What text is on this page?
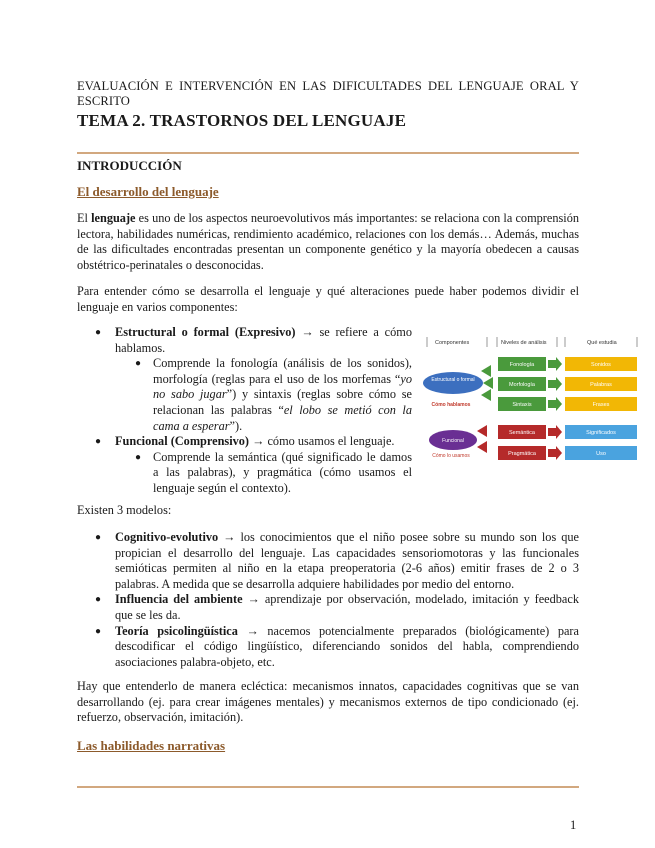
EVALUACIÓN E INTERVENCIÓN EN LAS DIFICULTADES DEL LENGUAJE ORAL Y ESCRITO
TEMA 2. TRASTORNOS DEL LENGUAJE
INTRODUCCIÓN
El desarrollo del lenguaje

El lenguaje es uno de los aspectos neuroevolutivos más importantes: se relaciona con la comprensión lectora, habilidades numéricas, rendimiento académico, relaciones con los demás… Además, muchas de las dificultades encontradas presentan un componente genético y la mayoría obedecen a causas obstétrico-perinatales o desconocidas.

Para entender cómo se desarrolla el lenguaje y qué alteraciones puede haber podemos dividir el lenguaje en varios componentes:

● Estructural o formal (Expresivo) → se refiere a cómo hablamos.
● Comprende la fonología (análisis de los sonidos), morfología (reglas para el uso de los morfemas “yo no sabo jugar”) y sintaxis (reglas sobre cómo se relacionan las palabras “el lobo se metió con la cama a esperar”).
● Funcional (Comprensivo) → cómo usamos el lenguaje.
● Comprende la semántica (qué significado le damos a las palabras), y pragmática (cómo usamos el lenguaje según el contexto).

Existen 3 modelos:

● Cognitivo-evolutivo → los conocimientos que el niño posee sobre su mundo son los que propician el desarrollo del lenguaje. Las capacidades sensoriomotoras y las funcionales semióticas permiten al niño en la etapa preoperatoria (2-6 años) emitir frases de 2 o 3 palabras. A medida que se desarrolla adquiere habilidades por medio del entorno.
● Influencia del ambiente → aprendizaje por observación, modelado, imitación y feedback que se les da.
● Teoría psicolingüística → nacemos potencialmente preparados (biológicamente) para descodificar el código lingüístico, diferenciando sonidos del habla, comprendiendo asociaciones palabra-objeto, etc.

Hay que entenderlo de manera ecléctica: mecanismos innatos, capacidades cognitivas que se van desarrollando (ej. para crear imágenes mentales) y mecanismos externos de tipo condicionado (ej. refuerzo, observación, imitación).

Las habilidades narrativas
Componentes	Niveles de análisis	Qué estudia
Estructural o formal
Cómo hablamos
Funcional
Cómo lo usamos
Fonología
Morfología
Sintaxis
Semántica
Pragmática
Sonidos
Palabras
Frases
Significados
Uso
1
